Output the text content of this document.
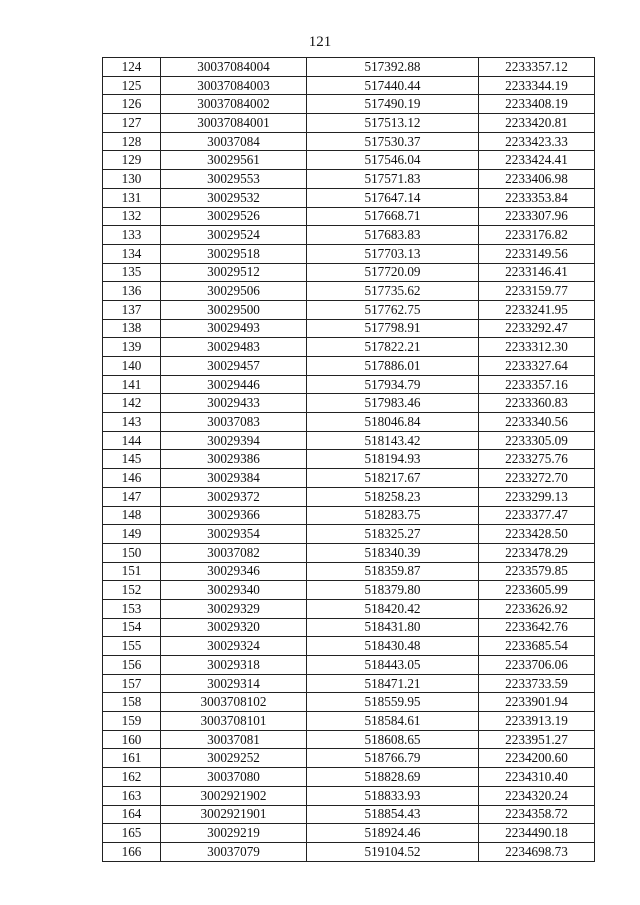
121
124	30037084004	517392.88	2233357.12
125	30037084003	517440.44	2233344.19
126	30037084002	517490.19	2233408.19
127	30037084001	517513.12	2233420.81
128	30037084	517530.37	2233423.33
129	30029561	517546.04	2233424.41
130	30029553	517571.83	2233406.98
131	30029532	517647.14	2233353.84
132	30029526	517668.71	2233307.96
133	30029524	517683.83	2233176.82
134	30029518	517703.13	2233149.56
135	30029512	517720.09	2233146.41
136	30029506	517735.62	2233159.77
137	30029500	517762.75	2233241.95
138	30029493	517798.91	2233292.47
139	30029483	517822.21	2233312.30
140	30029457	517886.01	2233327.64
141	30029446	517934.79	2233357.16
142	30029433	517983.46	2233360.83
143	30037083	518046.84	2233340.56
144	30029394	518143.42	2233305.09
145	30029386	518194.93	2233275.76
146	30029384	518217.67	2233272.70
147	30029372	518258.23	2233299.13
148	30029366	518283.75	2233377.47
149	30029354	518325.27	2233428.50
150	30037082	518340.39	2233478.29
151	30029346	518359.87	2233579.85
152	30029340	518379.80	2233605.99
153	30029329	518420.42	2233626.92
154	30029320	518431.80	2233642.76
155	30029324	518430.48	2233685.54
156	30029318	518443.05	2233706.06
157	30029314	518471.21	2233733.59
158	3003708102	518559.95	2233901.94
159	3003708101	518584.61	2233913.19
160	30037081	518608.65	2233951.27
161	30029252	518766.79	2234200.60
162	30037080	518828.69	2234310.40
163	3002921902	518833.93	2234320.24
164	3002921901	518854.43	2234358.72
165	30029219	518924.46	2234490.18
166	30037079	519104.52	2234698.73
